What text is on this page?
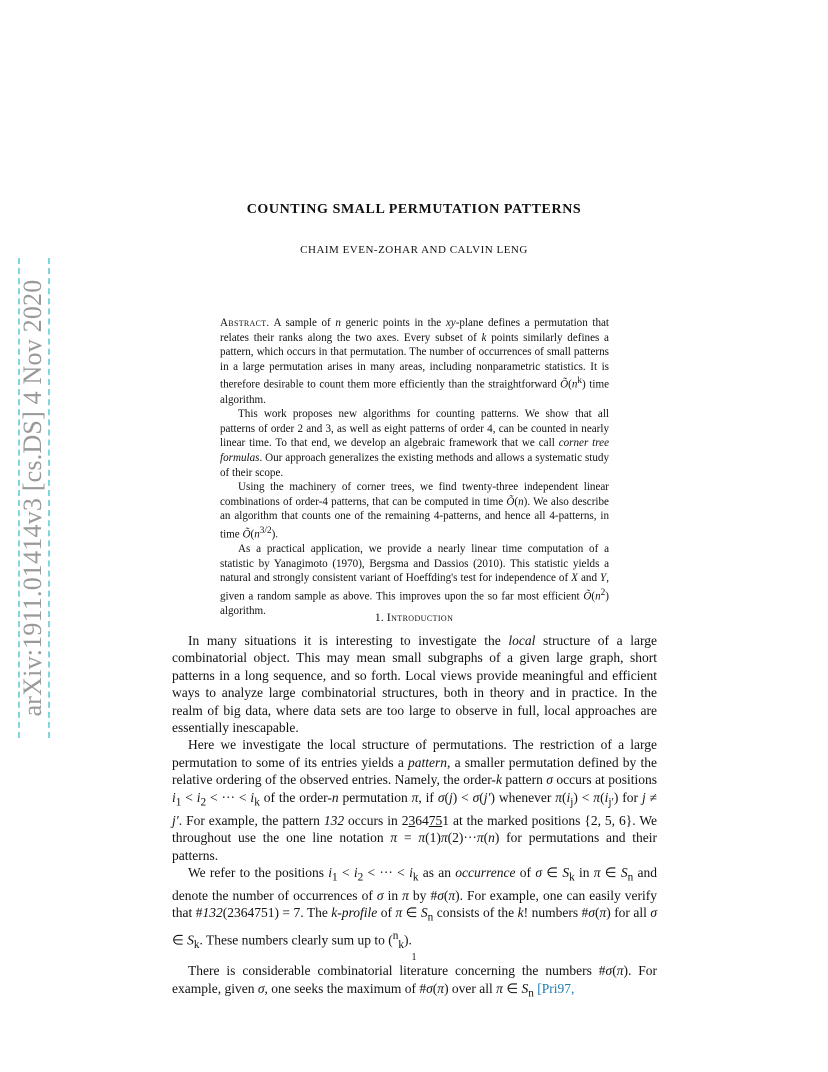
arXiv:1911.01414v3 [cs.DS] 4 Nov 2020
COUNTING SMALL PERMUTATION PATTERNS
CHAIM EVEN-ZOHAR AND CALVIN LENG

Abstract. A sample of n generic points in the xy-plane defines a permutation that relates their ranks along the two axes. Every subset of k points similarly defines a pattern, which occurs in that permutation. The number of occurrences of small patterns in a large permutation arises in many areas, including nonparametric statistics. It is therefore desirable to count them more efficiently than the straightforward $Õ(n^k)$ time algorithm.

This work proposes new algorithms for counting patterns. We show that all patterns of order 2 and 3, as well as eight patterns of order 4, can be counted in nearly linear time. To that end, we develop an algebraic framework that we call corner tree formulas. Our approach generalizes the existing methods and allows a systematic study of their scope.

Using the machinery of corner trees, we find twenty-three independent linear combinations of order-4 patterns, that can be computed in time Õ(n). We also describe an algorithm that counts one of the remaining 4-patterns, and hence all 4-patterns, in time $Õ(n^{3/2})$.

As a practical application, we provide a nearly linear time computation of a statistic by Yanagimoto (1970), Bergsma and Dassios (2010). This statistic yields a natural and strongly consistent variant of Hoeffding's test for independence of X and Y, given a random sample as above. This improves upon the so far most efficient $Õ(n^2)$ algorithm.	1. Introduction

In many situations it is interesting to investigate the local structure of a large combinatorial object. This may mean small subgraphs of a given large graph, short patterns in a long sequence, and so forth. Local views provide meaningful and efficient ways to analyze large combinatorial structures, both in theory and in practice. In the realm of big data, where data sets are too large to observe in full, local approaches are essentially inescapable.

Here we investigate the local structure of permutations. The restriction of a large permutation to some of its entries yields a pattern, a smaller permutation defined by the relative ordering of the observed entries. Namely, the order-k pattern σ occurs at positions $i_1 < i_2$ < ··· < $i_k$ of the order-n permutation π, if σ(j) < σ(j′) whenever $\pi(i_j) < \pi(i_{j'})$ for j ≠ j′. For example, the pattern 132 occurs in 2364751 at the marked positions {2, 5, 6}. We throughout use the one line notation π = π(1)π(2)···π(n) for permutations and their patterns.

We refer to the positions $i_1 < i_2$ < ··· < $i_k$ as an occurrence of σ ∈ $S_k$ in π ∈ $S_n$ and denote the number of occurrences of σ in π by #σ(π). For example, one can easily verify that #132(2364751) = 7. The k-profile of π ∈ $S_n$ consists of the k! numbers #σ(π) for all σ ∈ $S_k$. These numbers clearly sum up to ($^n_k$).

There is considerable combinatorial literature concerning the numbers #σ(π). For example, given σ, one seeks the maximum of #σ(π) over all π ∈ $S_n$ [Pri97,

1
